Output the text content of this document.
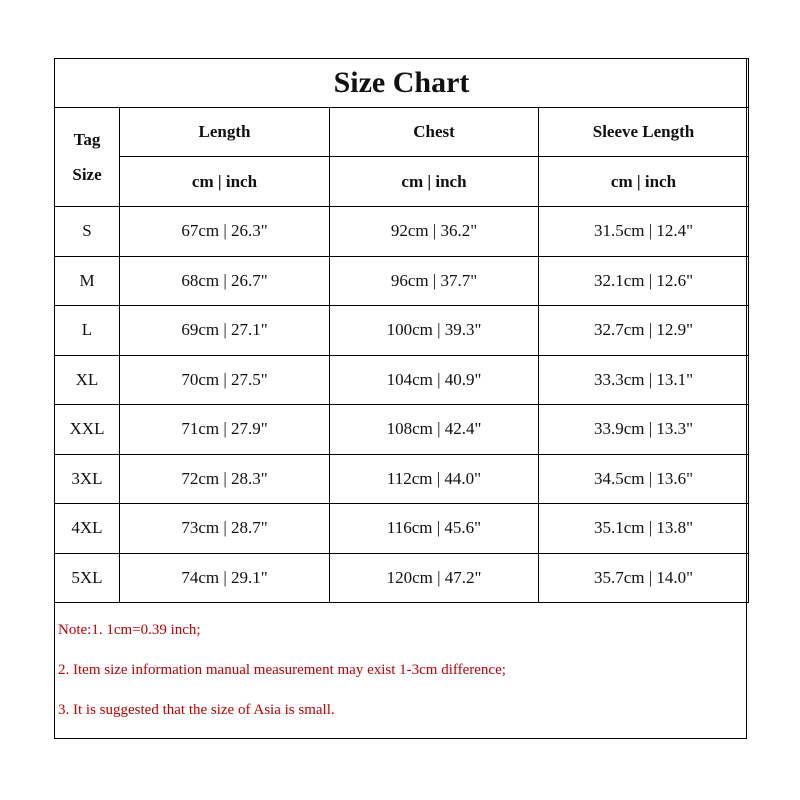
Size Chart			

Tag
Size	Length	Chest	Sleeve Length
	cm | inch	cm | inch	cm | inch
S	67cm | 26.3"	92cm | 36.2"	31.5cm | 12.4"
M	68cm | 26.7"	96cm | 37.7"	32.1cm | 12.6"
L	69cm | 27.1"	100cm | 39.3"	32.7cm | 12.9"
XL	70cm | 27.5"	104cm | 40.9"	33.3cm | 13.1"
XXL	71cm | 27.9"	108cm | 42.4"	33.9cm | 13.3"
3XL	72cm | 28.3"	112cm | 44.0"	34.5cm | 13.6"
4XL	73cm | 28.7"	116cm | 45.6"	35.1cm | 13.8"
5XL	74cm | 29.1"	120cm | 47.2"	35.7cm | 14.0"
Note:1. 1cm=0.39 inch;
2. Item size information manual measurement may exist 1-3cm difference;
3. It is suggested that the size of Asia is small.
